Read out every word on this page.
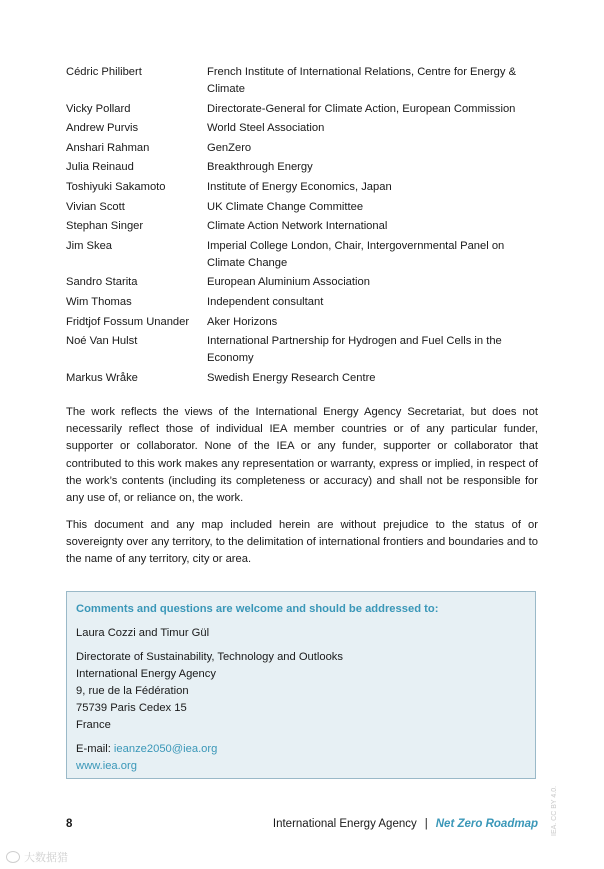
Cédric Philibert	French Institute of International Relations, Centre for Energy & Climate
Vicky Pollard	Directorate-General for Climate Action, European Commission
Andrew Purvis	World Steel Association
Anshari Rahman	GenZero
Julia Reinaud	Breakthrough Energy
Toshiyuki Sakamoto	Institute of Energy Economics, Japan
Vivian Scott	UK Climate Change Committee
Stephan Singer	Climate Action Network International
Jim Skea	Imperial College London, Chair, Intergovernmental Panel on Climate Change
Sandro Starita	European Aluminium Association
Wim Thomas	Independent consultant
Fridtjof Fossum Unander	Aker Horizons
Noé Van Hulst	International Partnership for Hydrogen and Fuel Cells in the Economy
Markus Wråke	Swedish Energy Research Centre

The work reflects the views of the International Energy Agency Secretariat, but does not necessarily reflect those of individual IEA member countries or of any particular funder, supporter or collaborator. None of the IEA or any funder, supporter or collaborator that contributed to this work makes any representation or warranty, express or implied, in respect of the work’s contents (including its completeness or accuracy) and shall not be responsible for any use of, or reliance on, the work.

This document and any map included herein are without prejudice to the status of or sovereignty over any territory, to the delimitation of international frontiers and boundaries and to the name of any territory, city or area.

Comments and questions are welcome and should be addressed to:

Laura Cozzi and Timur Gül

Directorate of Sustainability, Technology and Outlooks

International Energy Agency

9, rue de la Fédération

75739 Paris Cedex 15

France

E-mail: ieanze2050@iea.org

www.iea.org

8	International Energy Agency | Net Zero Roadmap IEA. CC BY 4.0.
大数据猎
